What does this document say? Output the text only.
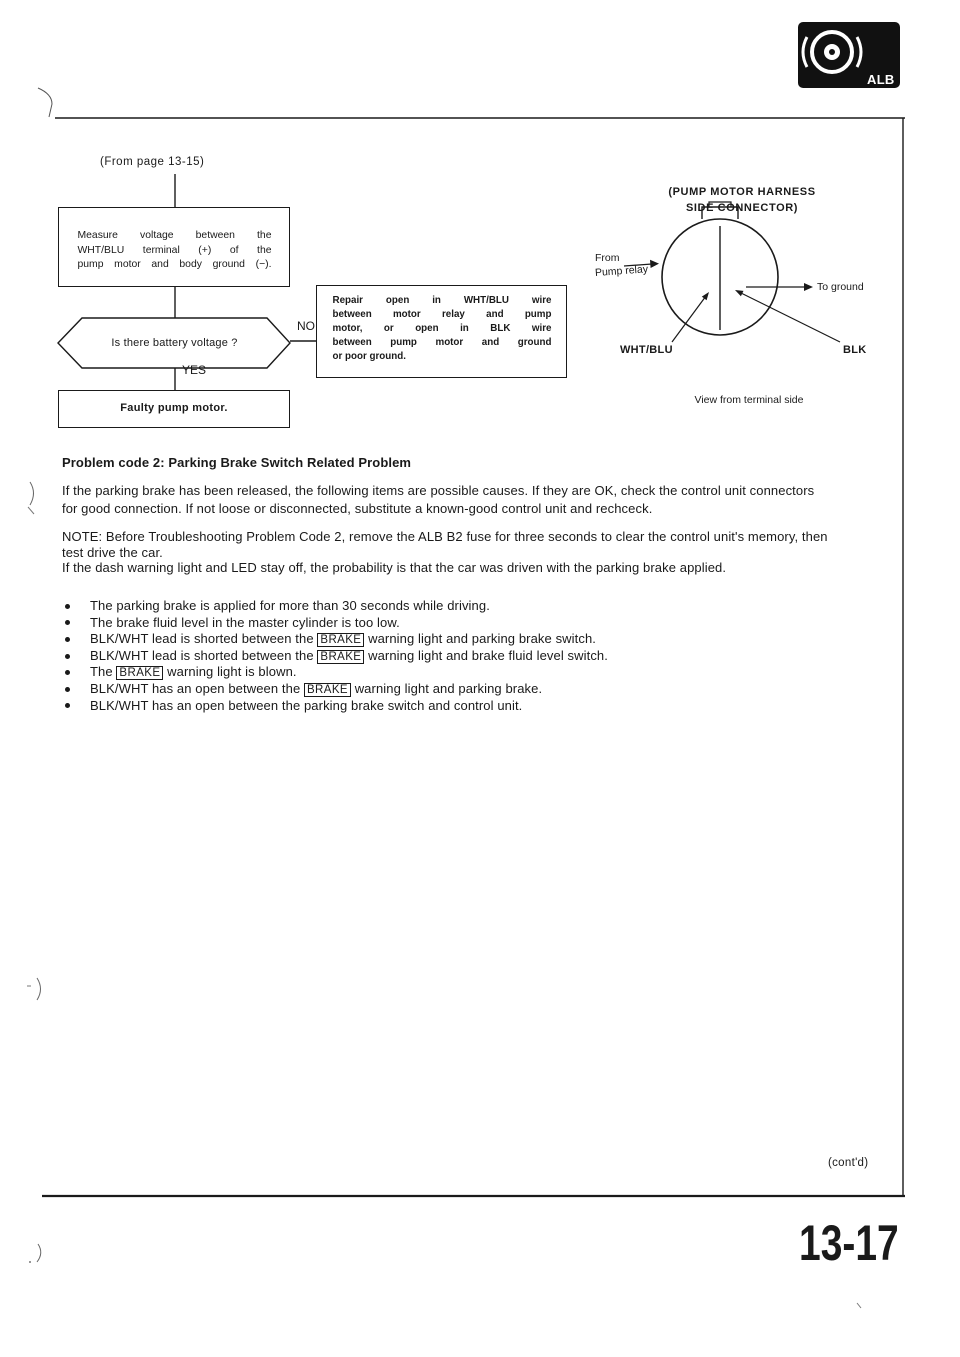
ALB
(From page 13-15)
Measure voltage between the
WHT/BLU terminal (+) of the
pump motor and body ground (−).
Is there battery voltage ?
NO
YES
Repair open in WHT/BLU wire
between motor relay and pump
motor, or open in BLK wire
between pump motor and ground
or poor ground.
Faulty pump motor.
(PUMP MOTOR HARNESS
SIDE CONNECTOR)
From
Pump relay
To ground
WHT/BLU	BLK
View from terminal side
Problem code 2: Parking Brake Switch Related Problem
If the parking brake has been released, the following items are possible causes. If they are OK, check the control unit connectors
for good connection. If not loose or disconnected, substitute a known-good control unit and rechceck.
NOTE: Before Troubleshooting Problem Code 2, remove the ALB B2 fuse for three seconds to clear the control unit's memory, then
test drive the car.
If the dash warning light and LED stay off, the probability is that the car was driven with the parking brake applied.
The parking brake is applied for more than 30 seconds while driving.
The brake fluid level in the master cylinder is too low.
BLK/WHT lead is shorted between the BRAKE warning light and parking brake switch.
BLK/WHT lead is shorted between the BRAKE warning light and brake fluid level switch.
The BRAKE warning light is blown.
BLK/WHT has an open between the BRAKE warning light and parking brake.
BLK/WHT has an open between the parking brake switch and control unit.
(cont'd)
13-17
